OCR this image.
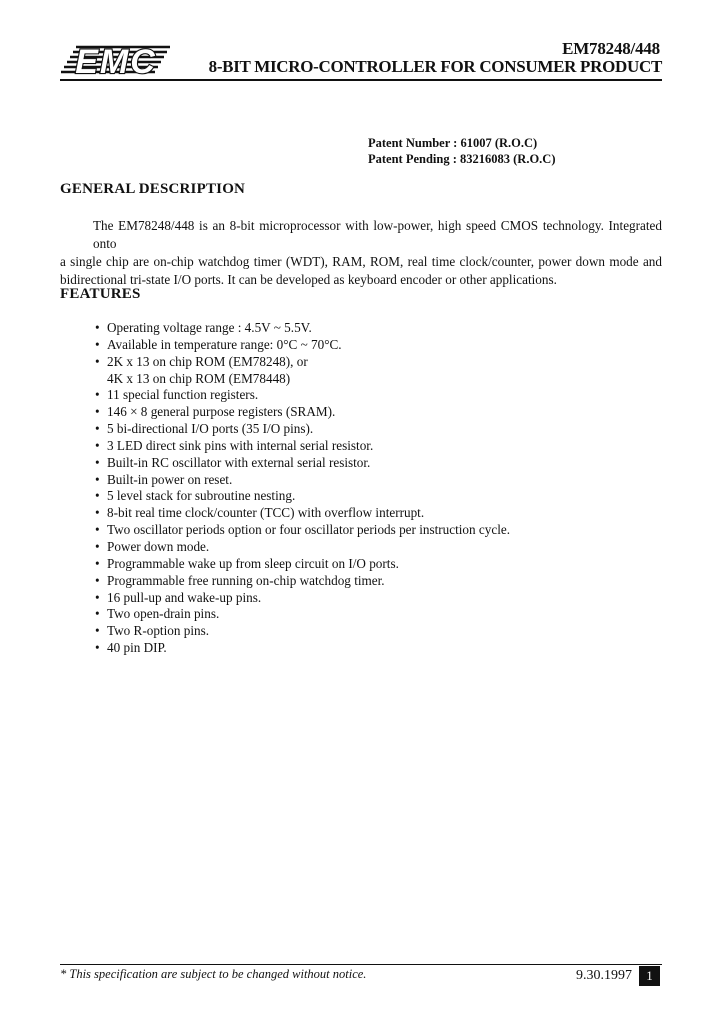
EMC	EM78248/448
8-BIT MICRO-CONTROLLER FOR CONSUMER PRODUCT
Patent Number : 61007 (R.O.C)
Patent Pending : 83216083 (R.O.C)
GENERAL DESCRIPTION
The EM78248/448 is an 8-bit microprocessor with low-power, high speed CMOS technology. Integrated onto
a single chip are on-chip watchdog timer (WDT), RAM, ROM, real time clock/counter, power down mode and bidirectional tri-state I/O ports. It can be developed as keyboard encoder or other applications.
FEATURES
• Operating voltage range : 4.5V ~ 5.5V.
• Available in temperature range: 0°C ~ 70°C.
• 2K x 13 on chip ROM (EM78248), or
4K x 13 on chip ROM (EM78448)
• 11 special function registers.
• 146 × 8 general purpose registers (SRAM).
• 5 bi-directional I/O ports (35 I/O pins).
• 3 LED direct sink pins with internal serial resistor.
• Built-in RC oscillator with external serial resistor.
• Built-in power on reset.
• 5 level stack for subroutine nesting.
• 8-bit real time clock/counter (TCC) with overflow interrupt.
• Two oscillator periods option or four oscillator periods per instruction cycle.
• Power down mode.
• Programmable wake up from sleep circuit on I/O ports.
• Programmable free running on-chip watchdog timer.
• 16 pull-up and wake-up pins.
• Two open-drain pins.
• Two R-option pins.
• 40 pin DIP.
* This specification are subject to be changed without notice.	9.30.1997	1
